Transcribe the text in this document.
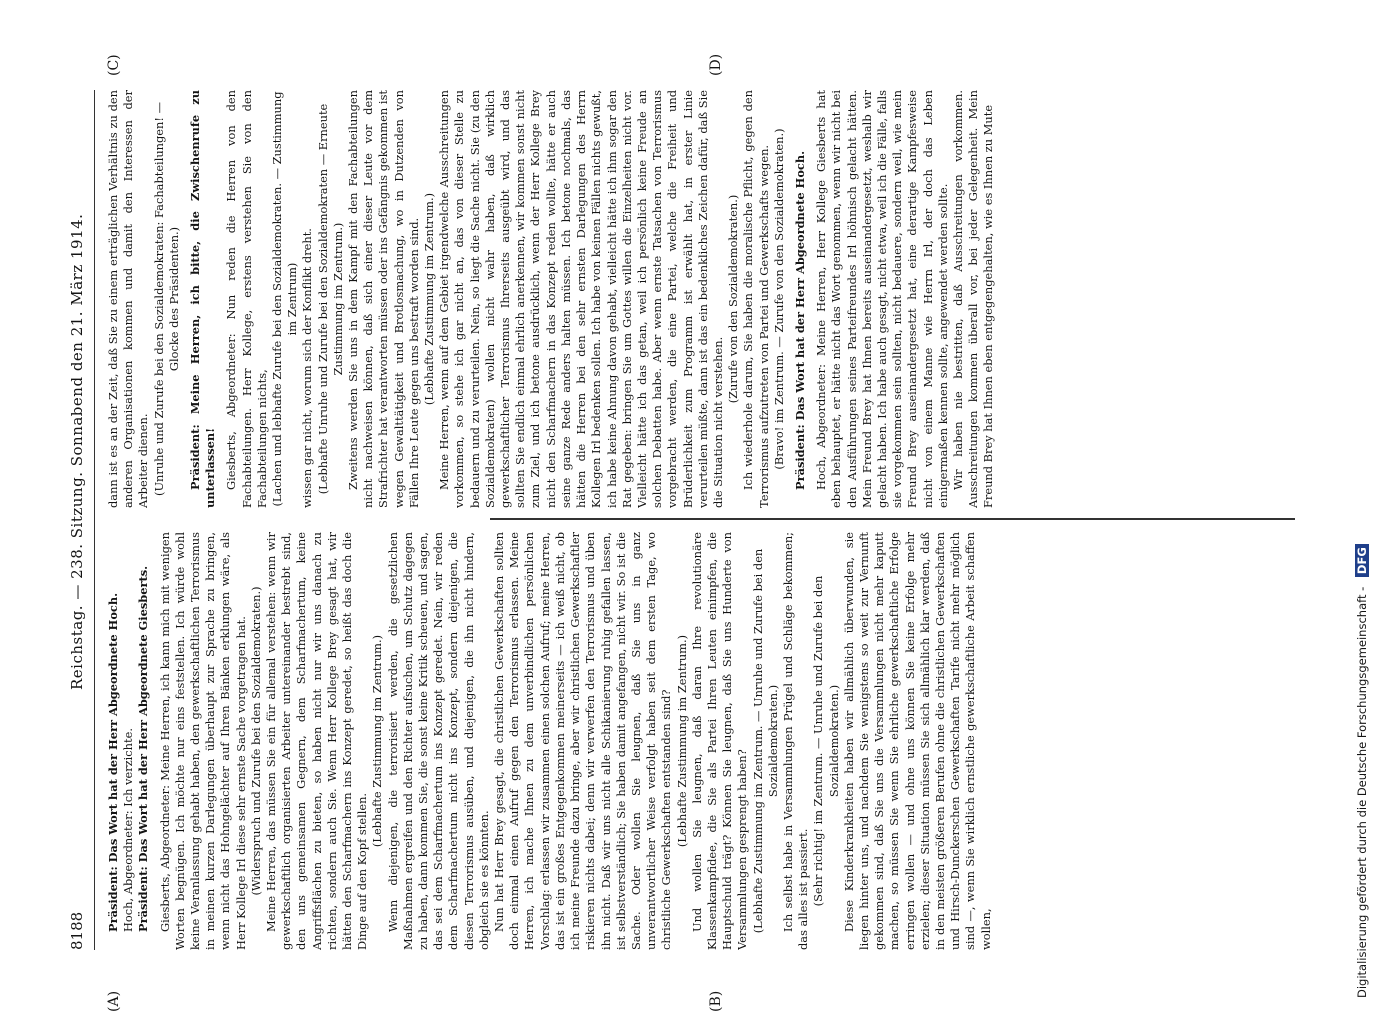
8188
Reichstag. — 238. Sitzung. Sonnabend den 21. März 1914.
(A)	(B)
(C)	(D)

Präsident: Das Wort hat der Herr Abgeordnete Hoch. Hoch, Abgeordneter: Ich verzichte. Präsident: Das Wort hat der Herr Abgeordnete Giesberts. Giesberts, Abgeordneter: Meine Herren, ich kann mich mit wenigen Worten begnügen. Ich möchte nur eins feststellen. Ich würde wohl keine Veranlassung gehabt haben, den gewerkschaftlichen Terrorismus in meinen kurzen Darlegungen überhaupt zur Sprache zu bringen, wenn nicht das Hohngelächter auf Ihren Bänken erklungen wäre, als Herr Kollege Irl diese sehr ernste Sache vorgetragen hat. (Widerspruch und Zurufe bei den Sozialdemokraten.) Meine Herren, das müssen Sie ein für allemal verstehen: wenn wir gewerkschaftlich organisierten Arbeiter untereinander bestrebt sind, den uns gemeinsamen Gegnern, dem Scharfmachertum, keine Angriffsflächen zu bieten, so haben nicht nur wir uns danach zu richten, sondern auch Sie. Wenn Herr Kollege Brey gesagt hat, wir hätten den Scharfmachern ins Konzept geredet, so heißt das doch die Dinge auf den Kopf stellen.

(Lebhafte Zustimmung im Zentrum.) Wenn diejenigen, die terrorisiert werden, die gesetzlichen Maßnahmen ergreifen und den Richter aufsuchen, um Schutz dagegen zu haben, dann kommen Sie, die sonst keine Kritik scheuen, und sagen, das sei dem Scharfmachertum ins Konzept geredet. Nein, wir reden dem Scharfmachertum nicht ins Konzept, sondern diejenigen, die diesen Terrorismus ausüben, und diejenigen, die ihn nicht hindern, obgleich sie es könnten. Nun hat Herr Brey gesagt, die christlichen Gewerkschaften sollten doch einmal einen Aufruf gegen den Terrorismus erlassen. Meine Herren, ich mache Ihnen zu dem unverbindlichen persönlichen Vorschlag: erlassen wir zusammen einen solchen Aufruf; meine Herren, das ist ein großes Entgegenkommen meinerseits — ich weiß nicht, ob ich meine Freunde dazu bringe, aber wir christlichen Gewerkschaftler riskieren nichts dabei; denn wir verwerfen den Terrorismus und üben ihn nicht. Daß wir uns nicht alle Schikanierung ruhig gefallen lassen, ist selbstverständlich; Sie haben damit angefangen, nicht wir. So ist die Sache. Oder wollen Sie leugnen, daß Sie uns in ganz unverantwortlicher Weise verfolgt haben seit dem ersten Tage, wo christliche Gewerkschaften entstanden sind? (Lebhafte Zustimmung im Zentrum.) Und wollen Sie leugnen, daß daran Ihre revolutionäre Klassenkampfidee, die Sie als Partei Ihren Leuten einimpfen, die Hauptschuld trägt? Können Sie leugnen, daß Sie uns Hunderte von Versammlungen gesprengt haben? (Lebhafte Zustimmung im Zentrum. — Unruhe und Zurufe bei den Sozialdemokraten.) Ich selbst habe in Versammlungen Prügel und Schläge bekommen; das alles ist passiert. (Sehr richtig! im Zentrum. — Unruhe und Zurufe bei den Sozialdemokraten.) Diese Kinderkrankheiten haben wir allmählich überwunden, sie liegen hinter uns, und nachdem Sie wenigstens so weit zur Vernunft gekommen sind, daß Sie uns die Versammlungen nicht mehr kaputt machen, so müssen Sie wenn Sie ehrliche gewerkschaftliche Erfolge erringen wollen — und ohne uns können Sie keine Erfolge mehr erzielen; dieser Situation müssen Sie sich allmählich klar werden, daß in den meisten größeren Berufen ohne die christlichen Gewerkschaften und Hirsch-Dunckerschen Gewerkschaften Tarife nicht mehr möglich sind —, wenn Sie wirklich ernstliche gewerkschaftliche Arbeit schaffen wollen,

dann ist es an der Zeit, daß Sie zu einem erträglichen Verhältnis zu den anderen Organisationen kommen und damit den Interessen der Arbeiter dienen. (Unruhe und Zurufe bei den Sozialdemokraten: Fachabteilungen! — Glocke des Präsidenten.) Präsident: Meine Herren, ich bitte, die Zwischenrufe zu unterlassen! Giesberts, Abgeordneter: Nun reden die Herren von den Fachabteilungen. Herr Kollege, erstens verstehen Sie von den Fachabteilungen nichts, (Lachen und lebhafte Zurufe bei den Sozialdemokraten. — Zustimmung im Zentrum) wissen gar nicht, worum sich der Konflikt dreht. (Lebhafte Unruhe und Zurufe bei den Sozialdemokraten — Erneute Zustimmung im Zentrum.) Zweitens werden Sie uns in dem Kampf mit den Fachabteilungen nicht nachweisen können, daß sich einer dieser Leute vor dem Strafrichter hat verantworten müssen oder ins Gefängnis gekommen ist wegen Gewalttätigkeit und Brotlosmachung, wo in Dutzenden von Fällen Ihre Leute gegen uns bestraft worden sind. (Lebhafte Zustimmung im Zentrum.) Meine Herren, wenn auf dem Gebiet irgendwelche Ausschreitungen vorkommen, so stehe ich gar nicht an, das von dieser Stelle zu bedauern und zu verurteilen. Nein, so liegt die Sache nicht. Sie (zu den Sozialdemokraten) wollen nicht wahr haben, daß wirklich gewerkschaftlicher Terrorismus Ihrerseits ausgeübt wird, und das sollten Sie endlich einmal ehrlich anerkennen, wir kommen sonst nicht zum Ziel, und ich betone ausdrücklich, wenn der Herr Kollege Brey nicht den Scharfmachern in das Konzept reden wollte, hätte er auch seine ganze Rede anders halten müssen. Ich betone nochmals, das hätten die Herren bei den sehr ernsten Darlegungen des Herrn Kollegen Irl bedenken sollen. Ich habe von keinen Fällen nichts gewußt, ich habe keine Ahnung davon gehabt, vielleicht hätte ich ihm sogar den Rat gegeben: bringen Sie um Gottes willen die Einzelheiten nicht vor. Vielleicht hätte ich das getan, weil ich persönlich keine Freude an solchen Debatten habe. Aber wenn ernste Tatsachen von Terrorismus vorgebracht werden, die eine Partei, welche die Freiheit und Brüderlichkeit zum Programm ist erwählt hat, in erster Linie verurteilen müßte, dann ist das ein bedenkliches Zeichen dafür, daß Sie die Situation nicht verstehen.

(Zurufe von den Sozialdemokraten.) Ich wiederhole darum, Sie haben die moralische Pflicht, gegen den Terrorismus aufzutreten von Partei und Gewerkschafts wegen. (Bravo! im Zentrum. — Zurufe von den Sozialdemokraten.) Präsident: Das Wort hat der Herr Abgeordnete Hoch. Hoch, Abgeordneter: Meine Herren, Herr Kollege Giesberts hat eben behauptet, er hätte nicht das Wort genommen, wenn wir nicht bei den Ausführungen seines Parteifreundes Irl höhnisch gelacht hätten. Mein Freund Brey hat Ihnen bereits auseinandergesetzt, weshalb wir gelacht haben. Ich habe auch gesagt, nicht etwa, weil ich die Fälle, falls sie vorgekommen sein sollten, nicht bedauere, sondern weil, wie mein Freund Brey auseinandergesetzt hat, eine derartige Kampfesweise nicht von einem Manne wie Herrn Irl, der doch das Leben einigermaßen kennen sollte, angewendet werden sollte. Wir haben nie bestritten, daß Ausschreitungen vorkommen. Ausschreitungen kommen überall vor, bei jeder Gelegenheit. Mein Freund Brey hat Ihnen eben entgegengehalten, wie es Ihnen zu Mute

Digitalisierung gefördert durch die Deutsche Forschungsgemeinschaft - DFG
